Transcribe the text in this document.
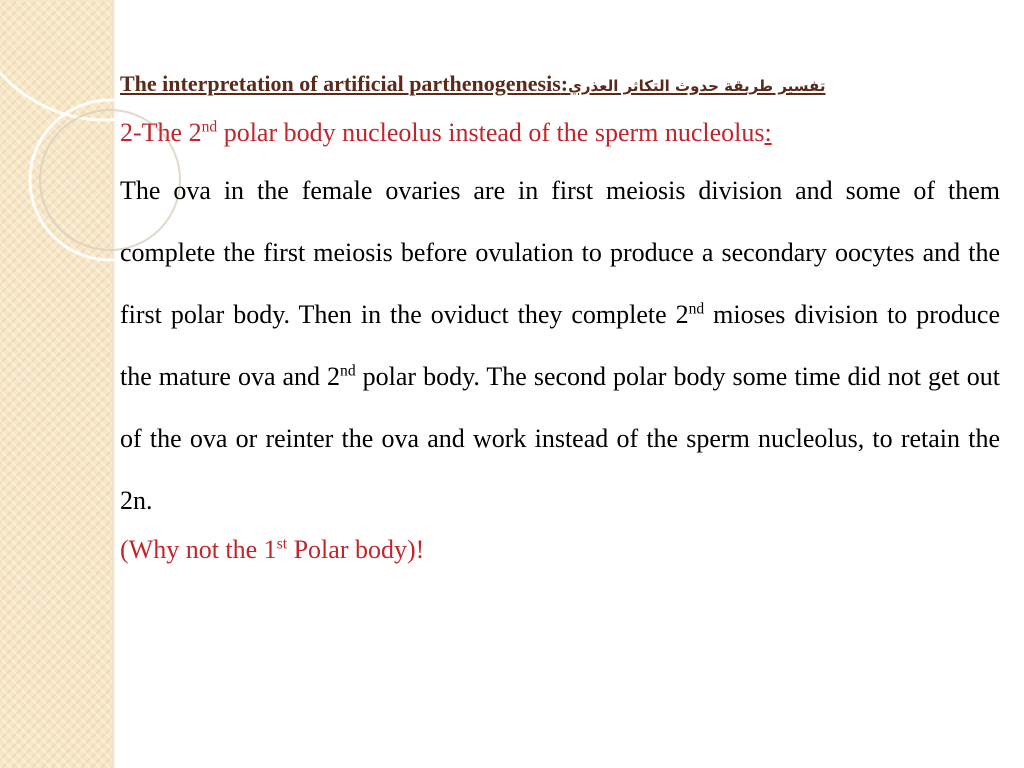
The interpretation of artificial parthenogenesis:تفسير طريقة حدوث التكاثر العذري

2-The 2nd polar body nucleolus instead of the sperm nucleolus:

The ova in the female ovaries are in first meiosis division and some of them complete the first meiosis before ovulation to produce a secondary oocytes and the first polar body. Then in the oviduct they complete 2nd mioses division to produce the mature ova and 2nd polar body. The second polar body some time did not get out of the ova or reinter the ova and work instead of the sperm nucleolus, to retain the 2n.

(Why not the 1st Polar body)!
